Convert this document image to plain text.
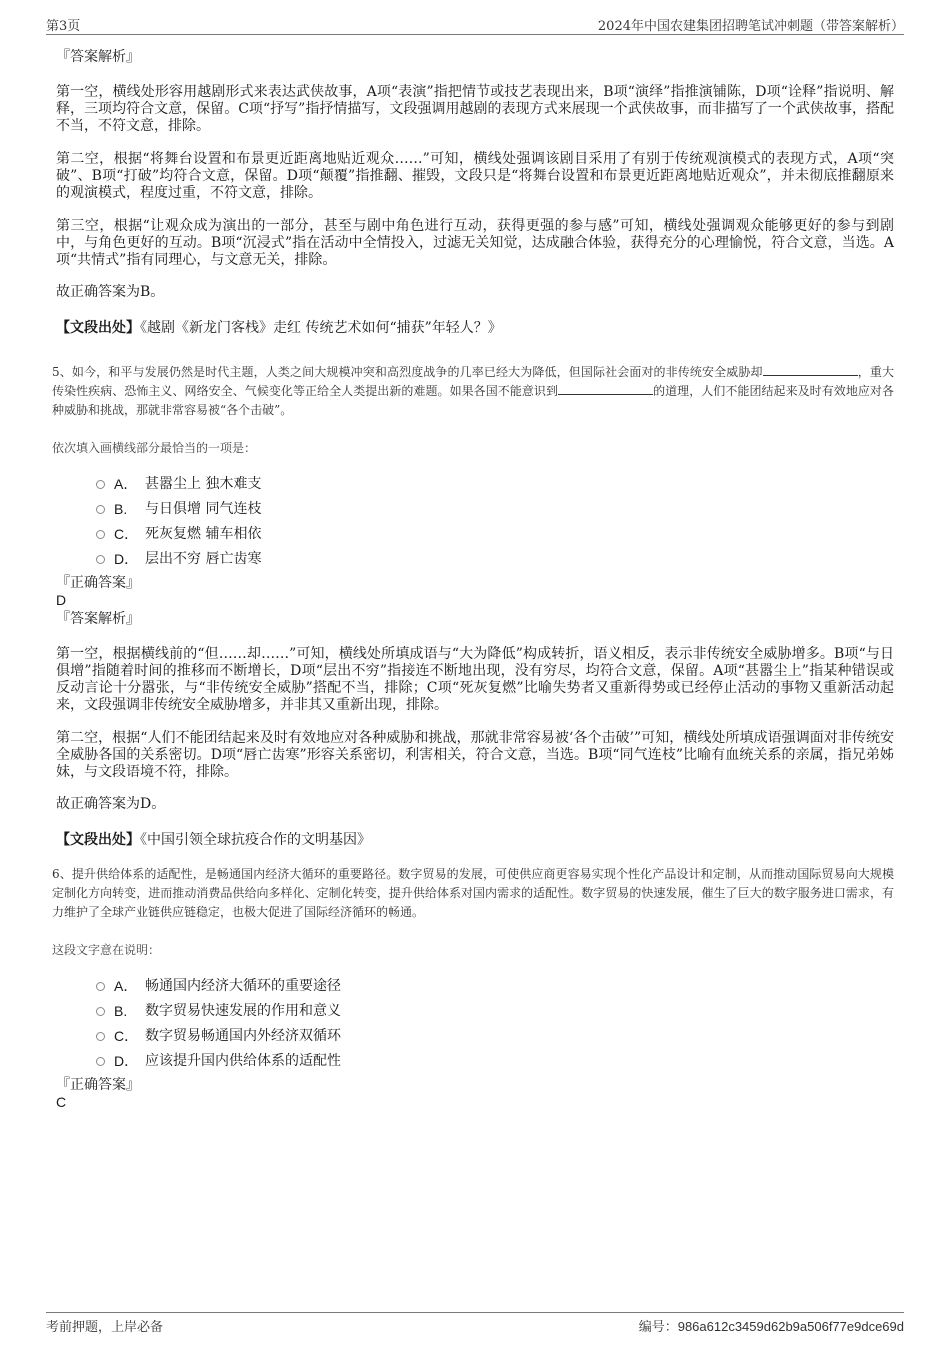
第3页	2024年中国农建集团招聘笔试冲刺题（带答案解析）
『答案解析』

第一空，横线处形容用越剧形式来表达武侠故事，A项“表演”指把情节或技艺表现出来，B项“演绎”指推演铺陈，D项“诠释”指说明、解释，三项均符合文意，保留。C项“抒写”指抒情描写，文段强调用越剧的表现方式来展现一个武侠故事，而非描写了一个武侠故事，搭配不当，不符文意，排除。

第二空，根据“将舞台设置和布景更近距离地贴近观众……”可知，横线处强调该剧目采用了有别于传统观演模式的表现方式，A项“突破”、B项“打破”均符合文意，保留。D项“颠覆”指推翻、摧毁，文段只是“将舞台设置和布景更近距离地贴近观众”，并未彻底推翻原来的观演模式，程度过重，不符文意，排除。

第三空，根据“让观众成为演出的一部分，甚至与剧中角色进行互动，获得更强的参与感”可知，横线处强调观众能够更好的参与到剧中，与角色更好的互动。B项“沉浸式”指在活动中全情投入，过滤无关知觉，达成融合体验，获得充分的心理愉悦，符合文意，当选。A项“共情式”指有同理心，与文意无关，排除。

故正确答案为B。
【文段出处】《越剧《新龙门客栈》走红 传统艺术如何“捕获”年轻人？》
5、如今，和平与发展仍然是时代主题，人类之间大规模冲突和高烈度战争的几率已经大为降低，但国际社会面对的非传统安全威胁却	，重大传染性疾病、恐怖主义、网络安全、气候变化等正给全人类提出新的难题。如果各国不能意识到	的道理，人们不能团结起来及时有效地应对各种威胁和挑战，那就非常容易被“各个击破”。
依次填入画横线部分最恰当的一项是：
A． 甚嚣尘上 独木难支
B. 与日俱增 同气连枝
C． 死灰复燃 辅车相依
D． 层出不穷 唇亡齿寒
『正确答案』
D
『答案解析』

第一空，根据横线前的“但……却……”可知，横线处所填成语与“大为降低”构成转折，语义相反，表示非传统安全威胁增多。B项“与日俱增”指随着时间的推移而不断增长，D项“层出不穷”指接连不断地出现，没有穷尽，均符合文意，保留。A项“甚嚣尘上”指某种错误或反动言论十分嚣张，与“非传统安全威胁”搭配不当，排除；C项“死灰复燃”比喻失势者又重新得势或已经停止活动的事物又重新活动起来，文段强调非传统安全威胁增多，并非其又重新出现，排除。

第二空，根据“人们不能团结起来及时有效地应对各种威胁和挑战，那就非常容易被‘各个击破’”可知，横线处所填成语强调面对非传统安全威胁各国的关系密切。D项“唇亡齿寒”形容关系密切，利害相关，符合文意，当选。B项“同气连枝”比喻有血统关系的亲属，指兄弟姊妹，与文段语境不符，排除。

故正确答案为D。
【文段出处】《中国引领全球抗疫合作的文明基因》
6、提升供给体系的适配性，是畅通国内经济大循环的重要路径。数字贸易的发展，可使供应商更容易实现个性化产品设计和定制，从而推动国际贸易向大规模定制化方向转变，进而推动消费品供给向多样化、定制化转变，提升供给体系对国内需求的适配性。数字贸易的快速发展，催生了巨大的数字服务进口需求，有力维护了全球产业链供应链稳定，也极大促进了国际经济循环的畅通。
这段文字意在说明：
A． 畅通国内经济大循环的重要途径
B. 数字贸易快速发展的作用和意义
C． 数字贸易畅通国内外经济双循环
D． 应该提升国内供给体系的适配性
『正确答案』
C
考前押题，上岸必备	编号：986a612c3459d62b9a506f77e9dce69d
